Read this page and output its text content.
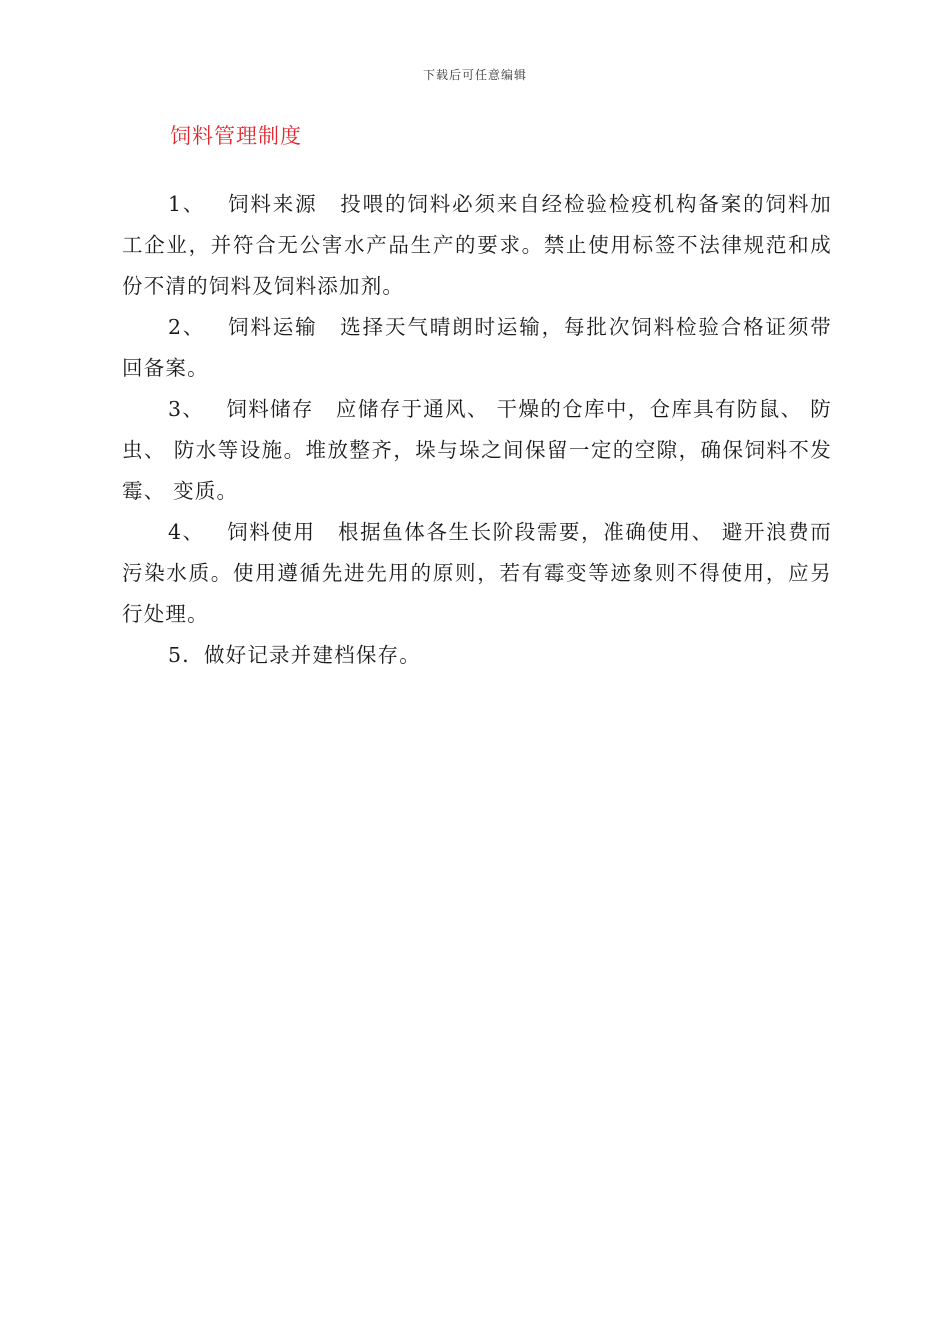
下载后可任意编辑
饲料管理制度

1、 饲料来源 投喂的饲料必须来自经检验检疫机构备案的饲料加工企业，并符合无公害水产品生产的要求。禁止使用标签不法律规范和成份不清的饲料及饲料添加剂。

2、 饲料运输 选择天气晴朗时运输，每批次饲料检验合格证须带回备案。

3、 饲料储存 应储存于通风、 干燥的仓库中，仓库具有防鼠、 防虫、 防水等设施。堆放整齐，垛与垛之间保留一定的空隙，确保饲料不发霉、 变质。

4、 饲料使用 根据鱼体各生长阶段需要，准确使用、 避开浪费而污染水质。使用遵循先进先用的原则，若有霉变等迹象则不得使用，应另行处理。

5．做好记录并建档保存。
